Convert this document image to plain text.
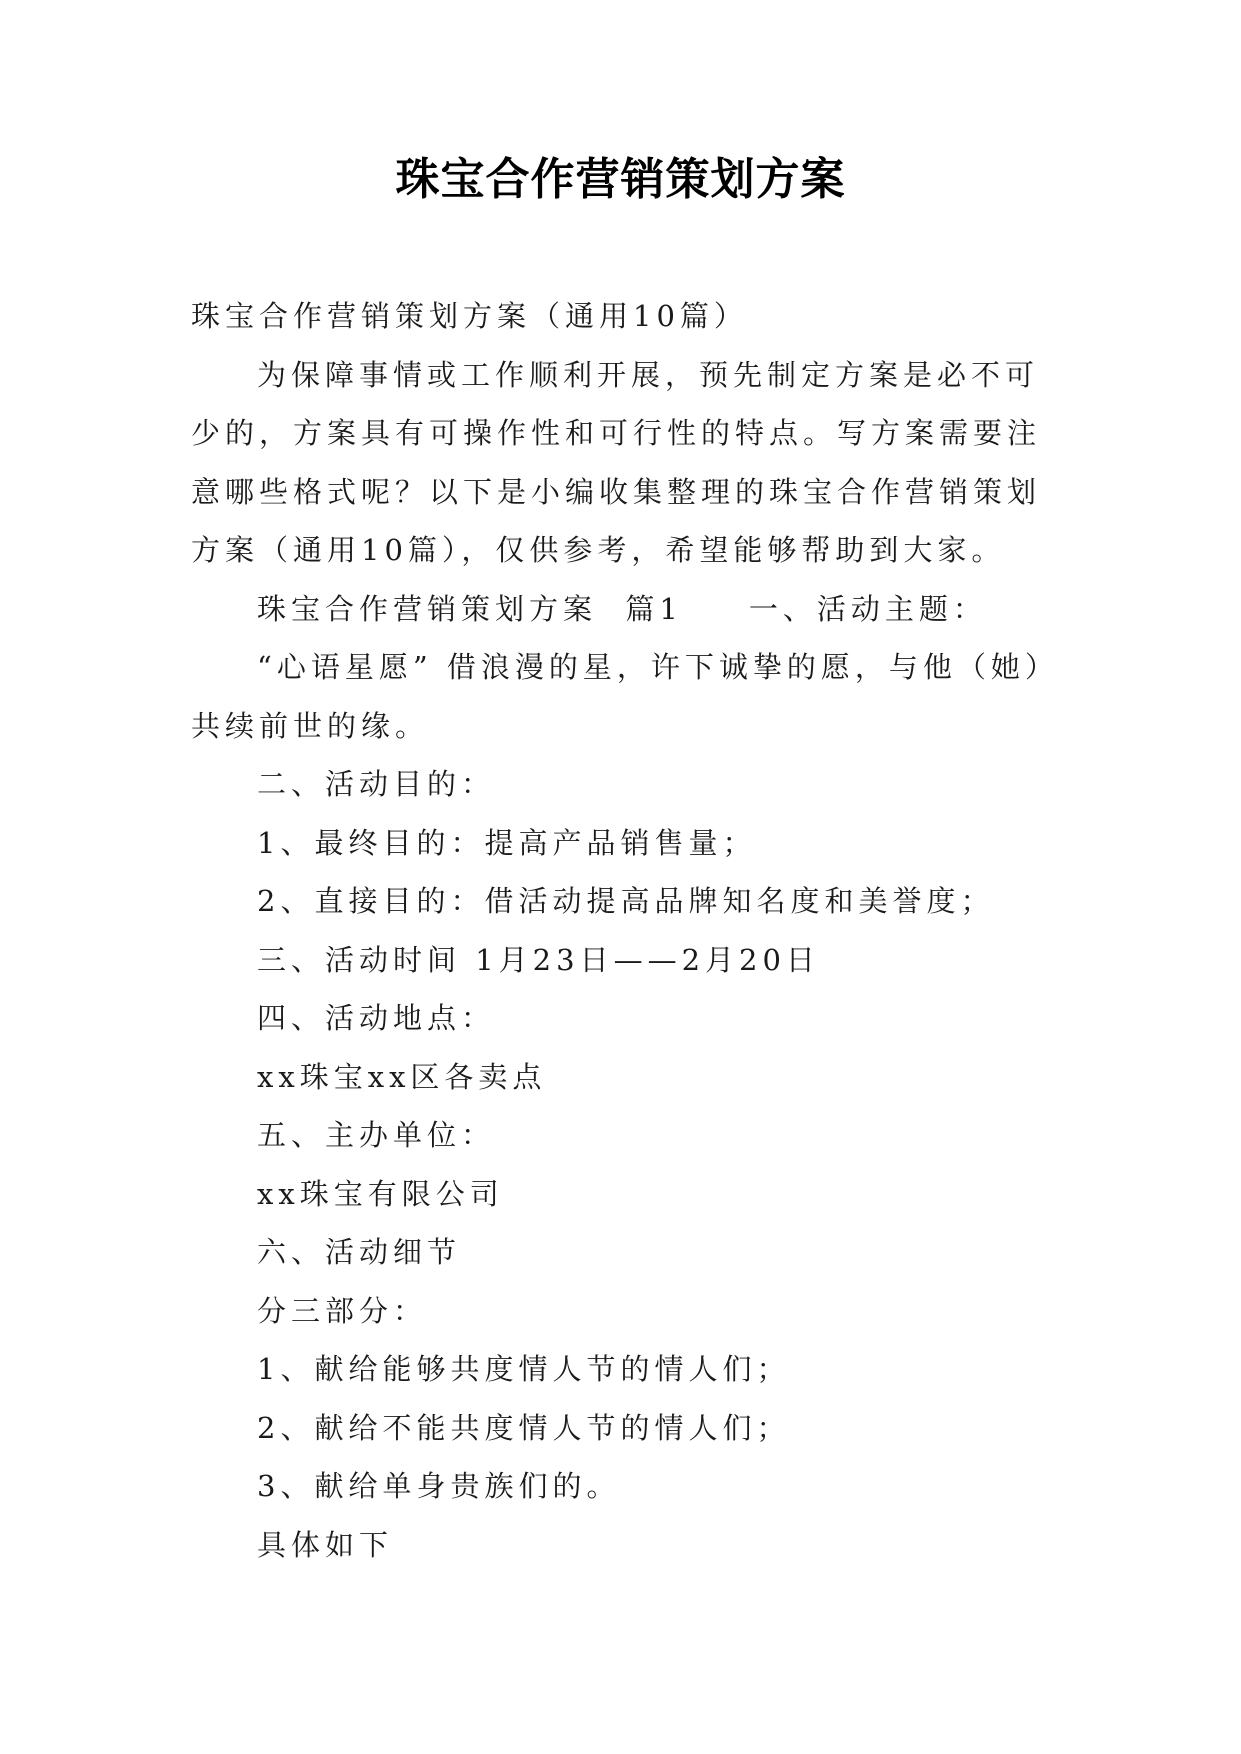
珠宝合作营销策划方案

珠宝合作营销策划方案（通用10篇）

为保障事情或工作顺利开展，预先制定方案是必不可少的，方案具有可操作性和可行性的特点。写方案需要注意哪些格式呢？以下是小编收集整理的珠宝合作营销策划方案（通用10篇），仅供参考，希望能够帮助到大家。

珠宝合作营销策划方案  篇1 一、活动主题：

“心语星愿” 借浪漫的星，许下诚挚的愿，与他（她）共续前世的缘。

二、活动目的：

1、最终目的：提高产品销售量；

2、直接目的：借活动提高品牌知名度和美誉度；

三、活动时间 1月23日——2月20日

四、活动地点：

xx珠宝xx区各卖点

五、主办单位：

xx珠宝有限公司

六、活动细节

分三部分：

1、献给能够共度情人节的情人们；

2、献给不能共度情人节的情人们；

3、献给单身贵族们的。

具体如下
